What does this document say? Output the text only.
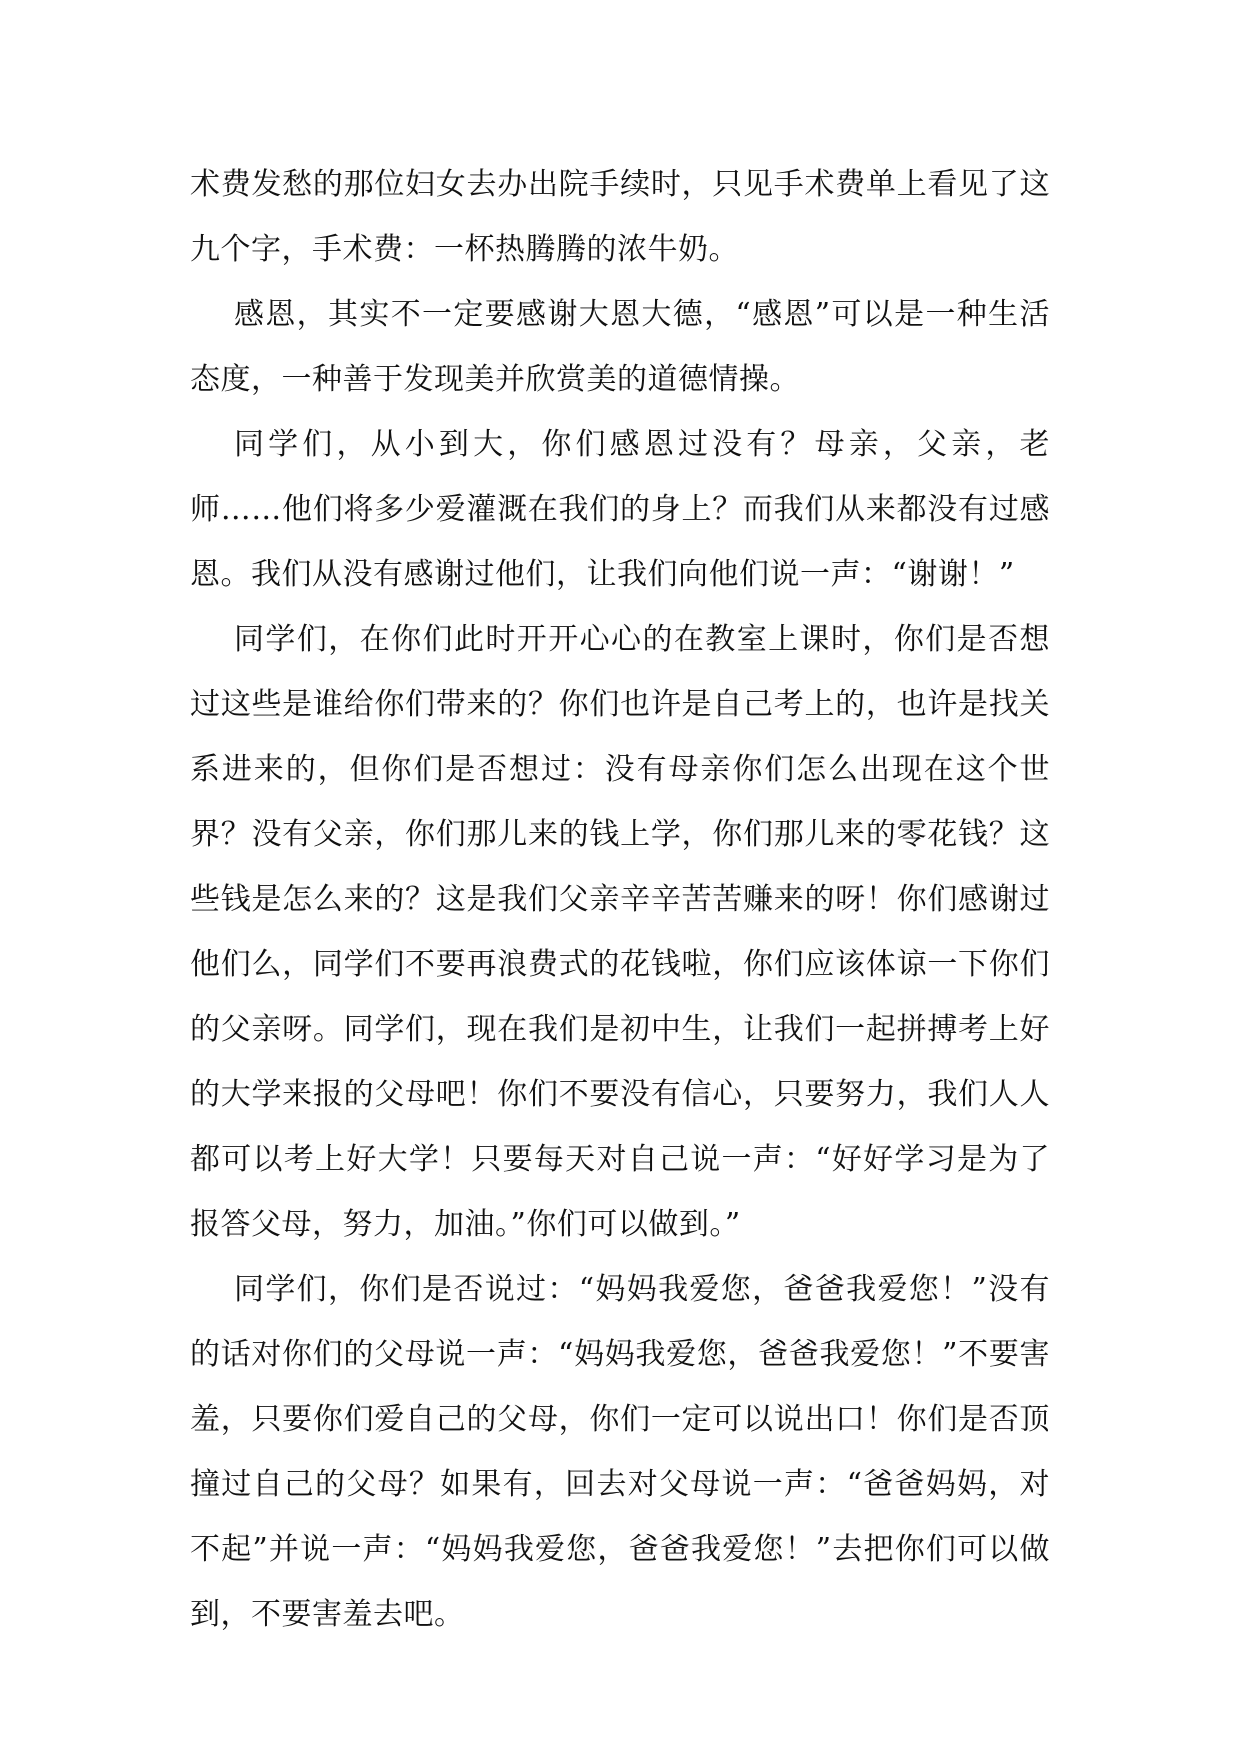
术费发愁的那位妇女去办出院手续时，只见手术费单上看见了这九个字，手术费：一杯热腾腾的浓牛奶。

感恩，其实不一定要感谢大恩大德，“感恩”可以是一种生活态度，一种善于发现美并欣赏美的道德情操。

同学们，从小到大，你们感恩过没有？母亲，父亲，老师……他们将多少爱灌溉在我们的身上？而我们从来都没有过感恩。我们从没有感谢过他们，让我们向他们说一声：“谢谢！”

同学们，在你们此时开开心心的在教室上课时，你们是否想过这些是谁给你们带来的？你们也许是自己考上的，也许是找关系进来的，但你们是否想过：没有母亲你们怎么出现在这个世界？没有父亲，你们那儿来的钱上学，你们那儿来的零花钱？这些钱是怎么来的？这是我们父亲辛辛苦苦赚来的呀！你们感谢过他们么，同学们不要再浪费式的花钱啦，你们应该体谅一下你们的父亲呀。同学们，现在我们是初中生，让我们一起拼搏考上好的大学来报的父母吧！你们不要没有信心，只要努力，我们人人都可以考上好大学！只要每天对自己说一声：“好好学习是为了报答父母，努力，加油。”你们可以做到。”

同学们，你们是否说过：“妈妈我爱您，爸爸我爱您！”没有的话对你们的父母说一声：“妈妈我爱您，爸爸我爱您！”不要害羞，只要你们爱自己的父母，你们一定可以说出口！你们是否顶撞过自己的父母？如果有，回去对父母说一声：“爸爸妈妈，对不起”并说一声：“妈妈我爱您，爸爸我爱您！”去把你们可以做到，不要害羞去吧。
